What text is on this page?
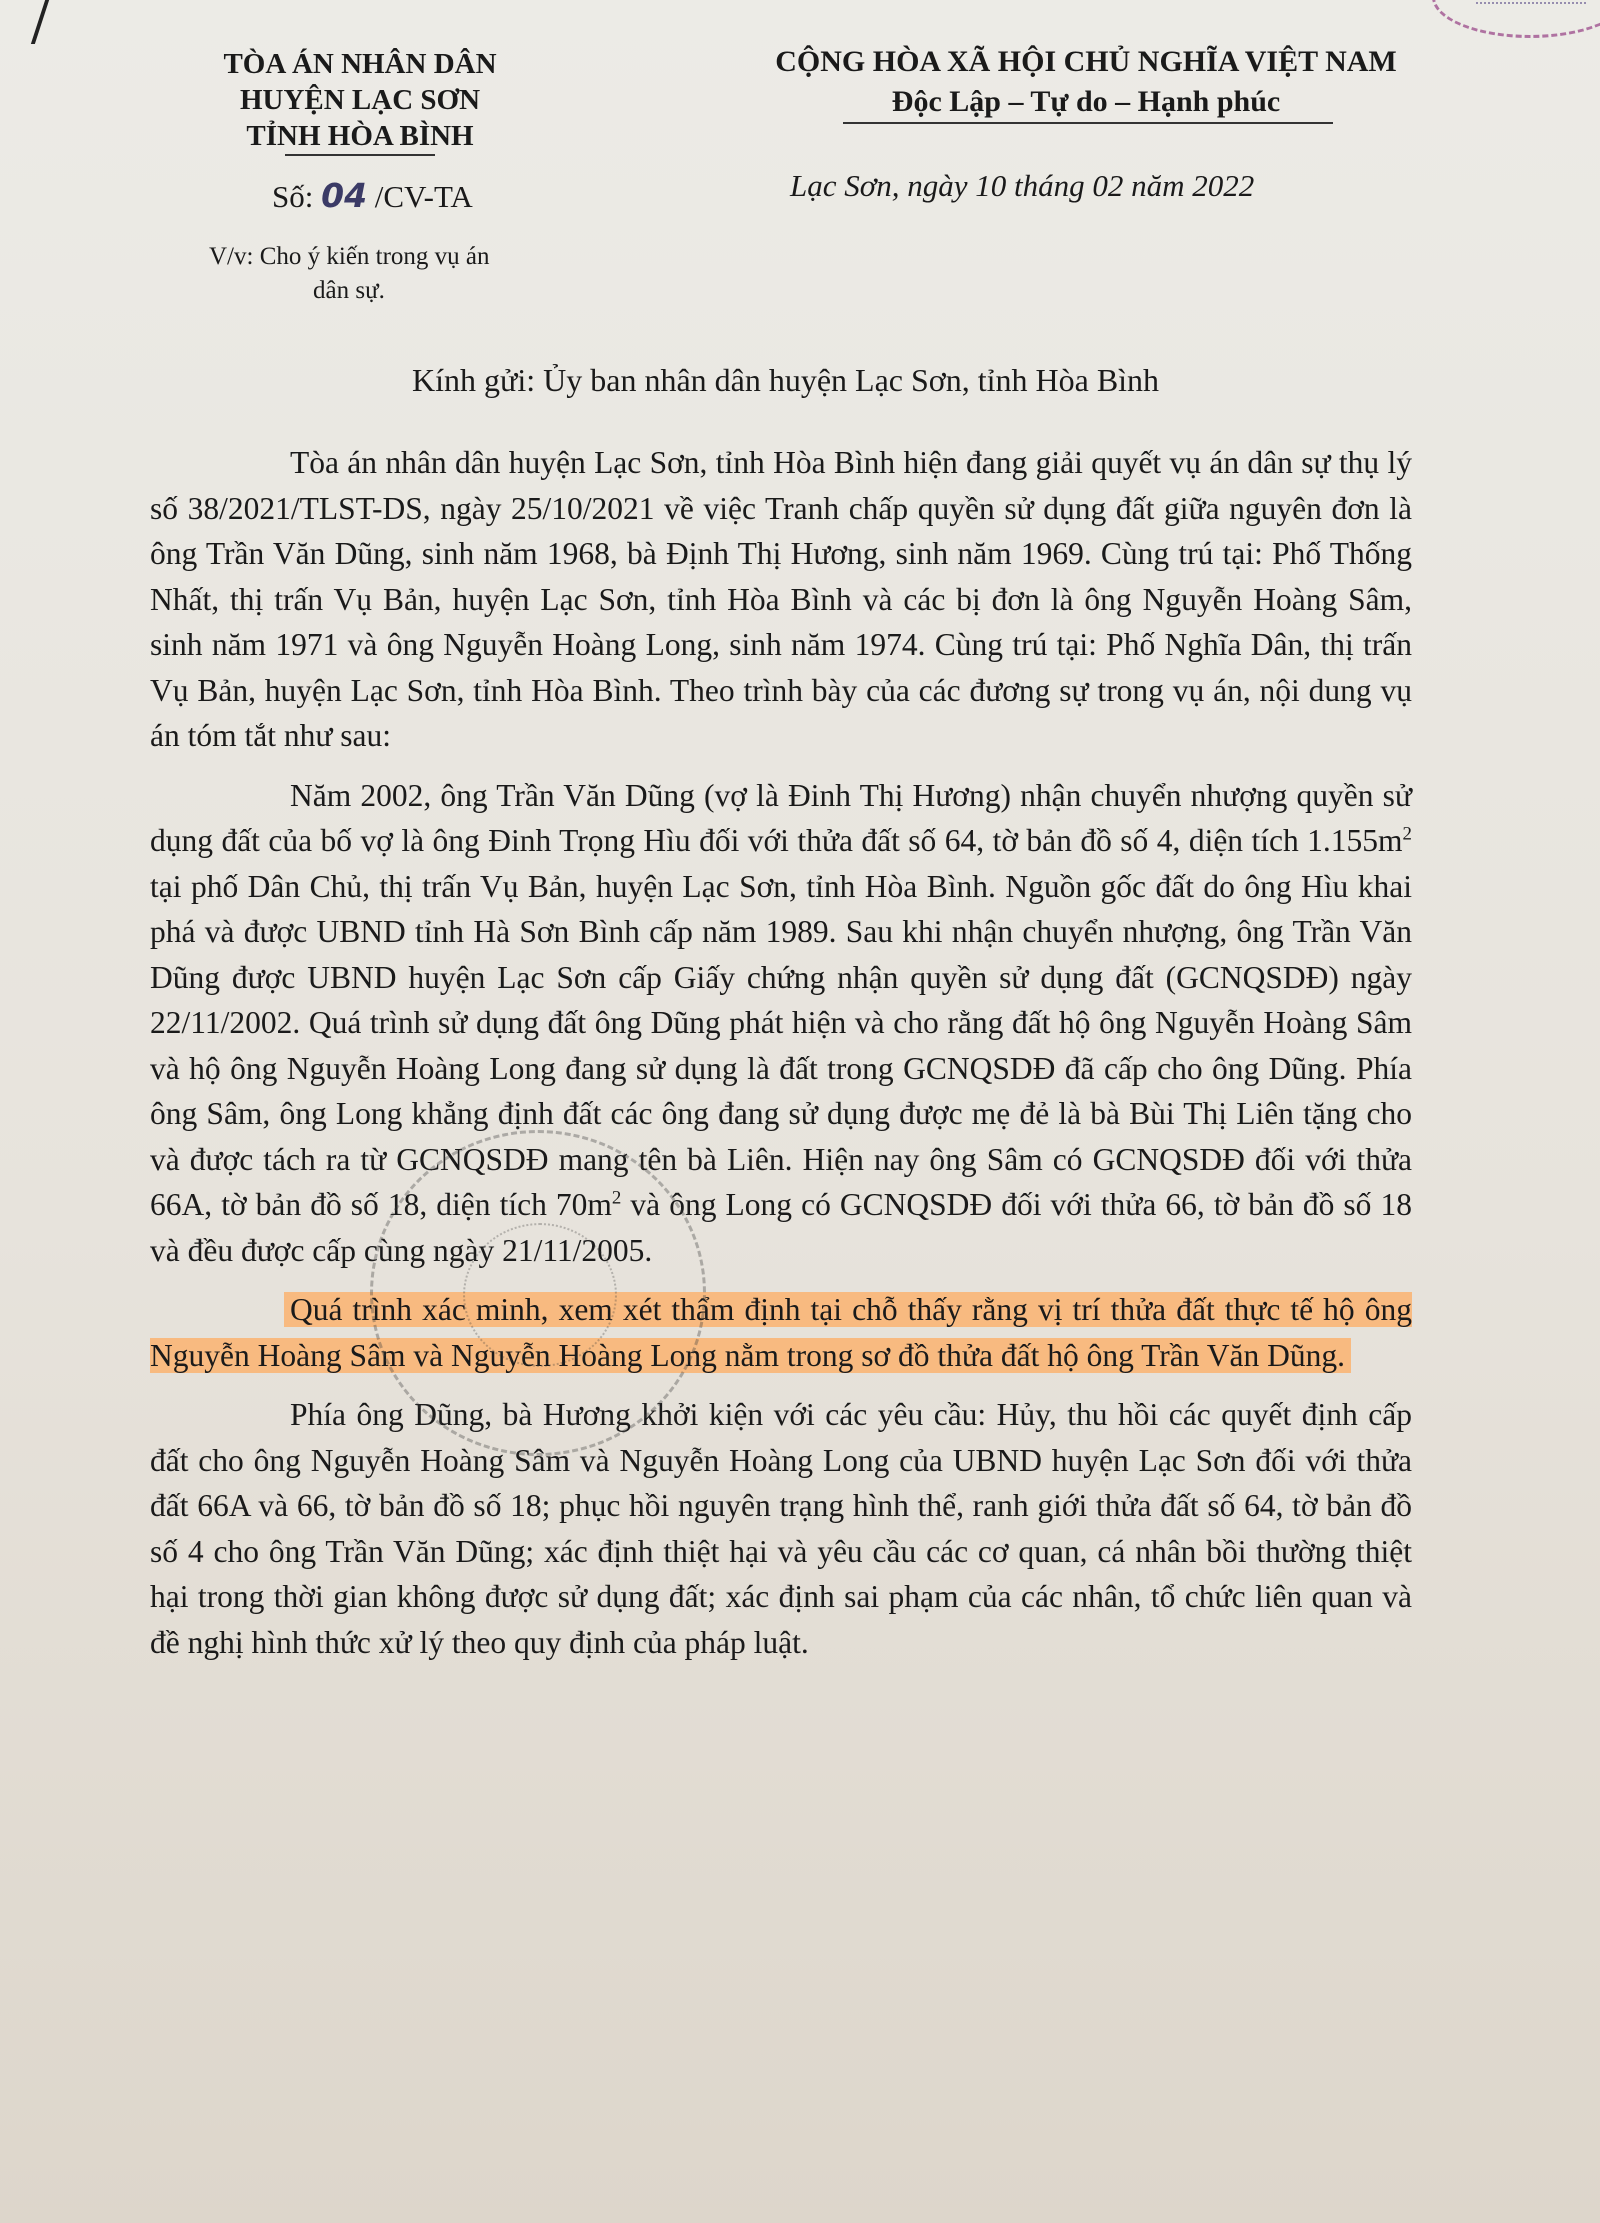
TÒA ÁN NHÂN DÂN
HUYỆN LẠC SƠN
TỈNH HÒA BÌNH
CỘNG HÒA XÃ HỘI CHỦ NGHĨA VIỆT NAM
Độc Lập – Tự do – Hạnh phúc
Số: 04 /CV-TA	Lạc Sơn, ngày 10 tháng 02 năm 2022
V/v: Cho ý kiến trong vụ án
dân sự.
Kính gửi: Ủy ban nhân dân huyện Lạc Sơn, tỉnh Hòa Bình

Tòa án nhân dân huyện Lạc Sơn, tỉnh Hòa Bình hiện đang giải quyết vụ án dân sự thụ lý số 38/2021/TLST-DS, ngày 25/10/2021 về việc Tranh chấp quyền sử dụng đất giữa nguyên đơn là ông Trần Văn Dũng, sinh năm 1968, bà Định Thị Hương, sinh năm 1969. Cùng trú tại: Phố Thống Nhất, thị trấn Vụ Bản, huyện Lạc Sơn, tỉnh Hòa Bình và các bị đơn là ông Nguyễn Hoàng Sâm, sinh năm 1971 và ông Nguyễn Hoàng Long, sinh năm 1974. Cùng trú tại: Phố Nghĩa Dân, thị trấn Vụ Bản, huyện Lạc Sơn, tỉnh Hòa Bình. Theo trình bày của các đương sự trong vụ án, nội dung vụ án tóm tắt như sau:

Năm 2002, ông Trần Văn Dũng (vợ là Đinh Thị Hương) nhận chuyển nhượng quyền sử dụng đất của bố vợ là ông Đinh Trọng Hìu đối với thửa đất số 64, tờ bản đồ số 4, diện tích $1.155m^2$ tại phố Dân Chủ, thị trấn Vụ Bản, huyện Lạc Sơn, tỉnh Hòa Bình. Nguồn gốc đất do ông Hìu khai phá và được UBND tỉnh Hà Sơn Bình cấp năm 1989. Sau khi nhận chuyển nhượng, ông Trần Văn Dũng được UBND huyện Lạc Sơn cấp Giấy chứng nhận quyền sử dụng đất (GCNQSDĐ) ngày 22/11/2002. Quá trình sử dụng đất ông Dũng phát hiện và cho rằng đất hộ ông Nguyễn Hoàng Sâm và hộ ông Nguyễn Hoàng Long đang sử dụng là đất trong GCNQSDĐ đã cấp cho ông Dũng. Phía ông Sâm, ông Long khẳng định đất các ông đang sử dụng được mẹ đẻ là bà Bùi Thị Liên tặng cho và được tách ra từ GCNQSDĐ mang tên bà Liên. Hiện nay ông Sâm có GCNQSDĐ đối với thửa 66A, tờ bản đồ số 18, diện tích $70m^2$ và ông Long có GCNQSDĐ đối với thửa 66, tờ bản đồ số 18 và đều được cấp cùng ngày 21/11/2005.

Quá trình xác minh, xem xét thẩm định tại chỗ thấy rằng vị trí thửa đất thực tế hộ ông Nguyễn Hoàng Sâm và Nguyễn Hoàng Long nằm trong sơ đồ thửa đất hộ ông Trần Văn Dũng.

Phía ông Dũng, bà Hương khởi kiện với các yêu cầu: Hủy, thu hồi các quyết định cấp đất cho ông Nguyễn Hoàng Sâm và Nguyễn Hoàng Long của UBND huyện Lạc Sơn đối với thửa đất 66A và 66, tờ bản đồ số 18; phục hồi nguyên trạng hình thể, ranh giới thửa đất số 64, tờ bản đồ số 4 cho ông Trần Văn Dũng; xác định thiệt hại và yêu cầu các cơ quan, cá nhân bồi thường thiệt hại trong thời gian không được sử dụng đất; xác định sai phạm của các nhân, tổ chức liên quan và đề nghị hình thức xử lý theo quy định của pháp luật.
